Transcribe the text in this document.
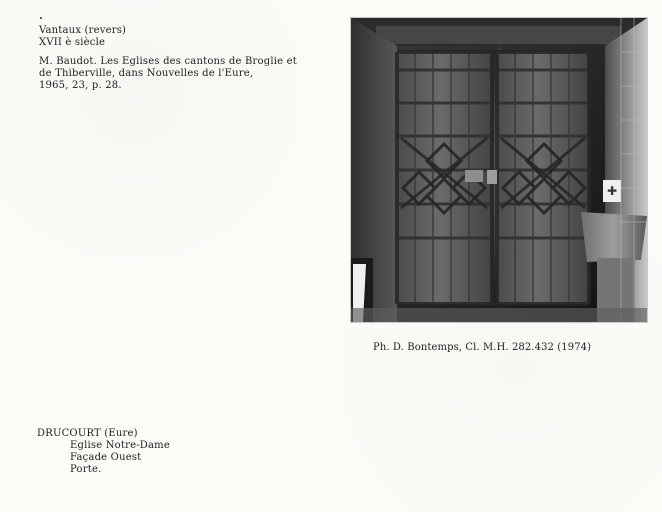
Vantaux (revers)
XVII è siècle
M. Baudot. Les Eglises des cantons de Broglie et
de Thiberville, dans Nouvelles de l'Eure,
1965, 23, p. 28.
✚
Ph. D. Bontemps, Cl. M.H. 282.432 (1974)
DRUCOURT (Eure)
Eglise Notre-Dame
Façade Ouest
Porte.
